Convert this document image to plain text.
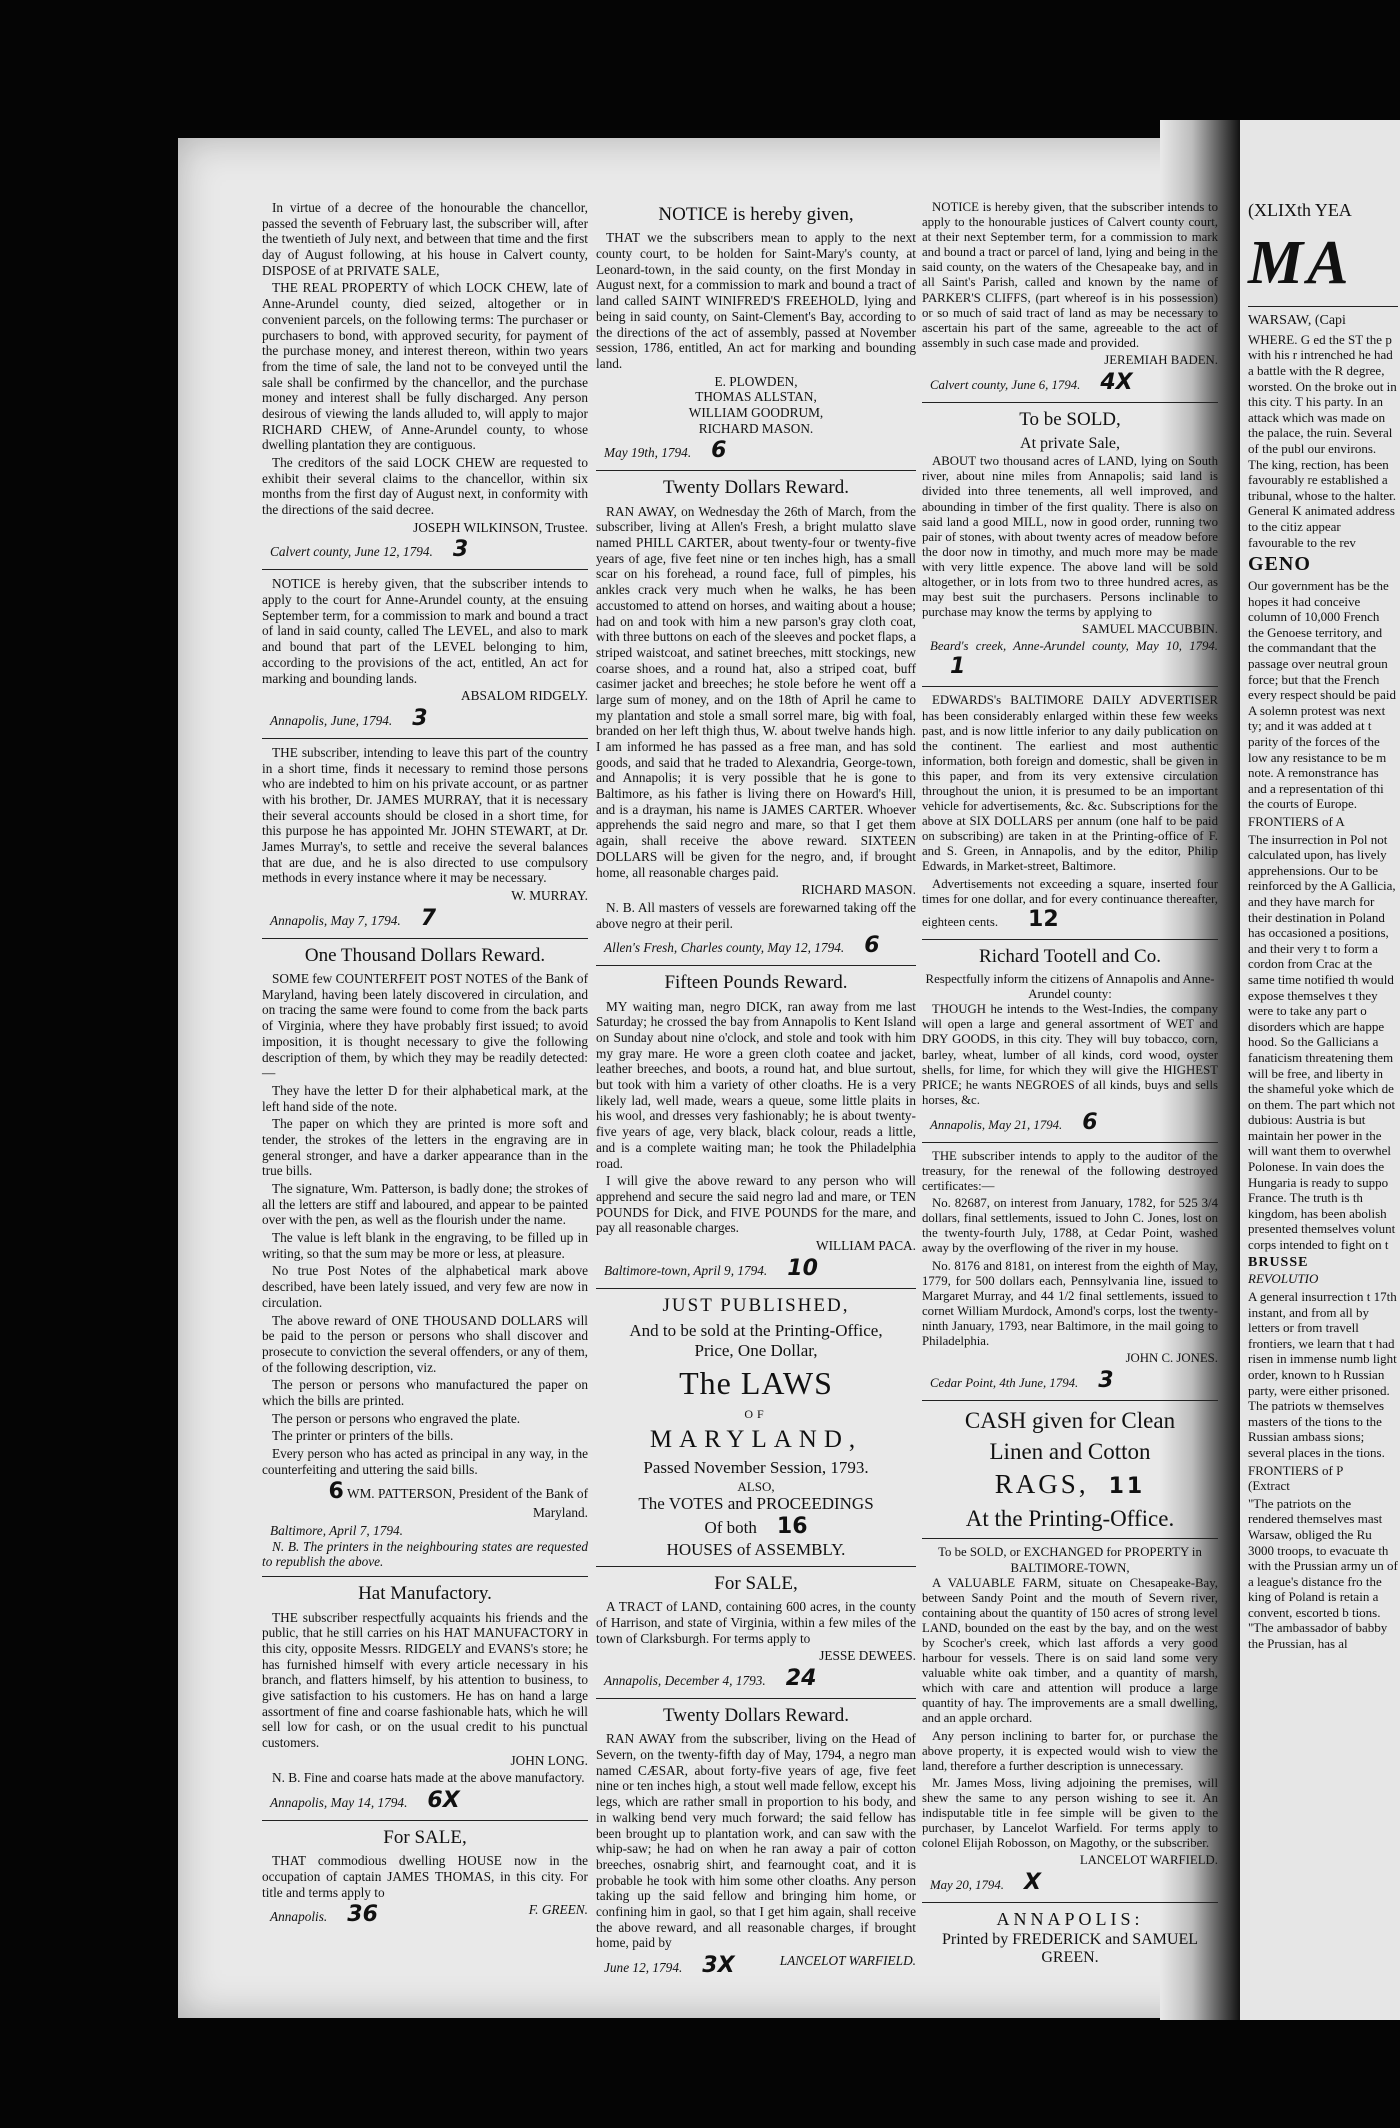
In virtue of a decree of the honourable the chancellor, passed the seventh of February last, the subscriber will, after the twentieth of July next, and between that time and the first day of August following, at his house in Calvert county, DISPOSE of at PRIVATE SALE,

THE REAL PROPERTY of which LOCK CHEW, late of Anne-Arundel county, died seized, altogether or in convenient parcels, on the following terms: The purchaser or purchasers to bond, with approved security, for payment of the purchase money, and interest thereon, within two years from the time of sale, the land not to be conveyed until the sale shall be confirmed by the chancellor, and the purchase money and interest shall be fully discharged. Any person desirous of viewing the lands alluded to, will apply to major RICHARD CHEW, of Anne-Arundel county, to whose dwelling plantation they are contiguous.

The creditors of the said LOCK CHEW are requested to exhibit their several claims to the chancellor, within six months from the first day of August next, in conformity with the directions of the said decree.

JOSEPH WILKINSON, Trustee.
Calvert county, June 12, 1794. 3

NOTICE is hereby given, that the subscriber intends to apply to the court for Anne-Arundel county, at the ensuing September term, for a commission to mark and bound a tract of land in said county, called The LEVEL, and also to mark and bound that part of the LEVEL belonging to him, according to the provisions of the act, entitled, An act for marking and bounding lands.

ABSALOM RIDGELY.
Annapolis, June, 1794. 3

THE subscriber, intending to leave this part of the country in a short time, finds it necessary to remind those persons who are indebted to him on his private account, or as partner with his brother, Dr. JAMES MURRAY, that it is necessary their several accounts should be closed in a short time, for this purpose he has appointed Mr. JOHN STEWART, at Dr. James Murray's, to settle and receive the several balances that are due, and he is also directed to use compulsory methods in every instance where it may be necessary.

W. MURRAY.
Annapolis, May 7, 1794. 7
One Thousand Dollars Reward.

SOME few COUNTERFEIT POST NOTES of the Bank of Maryland, having been lately discovered in circulation, and on tracing the same were found to come from the back parts of Virginia, where they have probably first issued; to avoid imposition, it is thought necessary to give the following description of them, by which they may be readily detected:—

They have the letter D for their alphabetical mark, at the left hand side of the note.

The paper on which they are printed is more soft and tender, the strokes of the letters in the engraving are in general stronger, and have a darker appearance than in the true bills.

The signature, Wm. Patterson, is badly done; the strokes of all the letters are stiff and laboured, and appear to be painted over with the pen, as well as the flourish under the name.

The value is left blank in the engraving, to be filled up in writing, so that the sum may be more or less, at pleasure.

No true Post Notes of the alphabetical mark above described, have been lately issued, and very few are now in circulation.

The above reward of ONE THOUSAND DOLLARS will be paid to the person or persons who shall discover and prosecute to conviction the several offenders, or any of them, of the following description, viz.

The person or persons who manufactured the paper on which the bills are printed.

The person or persons who engraved the plate.

The printer or printers of the bills.

Every person who has acted as principal in any way, in the counterfeiting and uttering the said bills.

6 WM. PATTERSON, President of the Bank of Maryland.
Baltimore, April 7, 1794.

N. B. The printers in the neighbouring states are requested to republish the above.

Hat Manufactory.

THE subscriber respectfully acquaints his friends and the public, that he still carries on his HAT MANUFACTORY in this city, opposite Messrs. RIDGELY and EVANS's store; he has furnished himself with every article necessary in his branch, and flatters himself, by his attention to business, to give satisfaction to his customers. He has on hand a large assortment of fine and coarse fashionable hats, which he will sell low for cash, or on the usual credit to his punctual customers.

JOHN LONG.

N. B. Fine and coarse hats made at the above manufactory.

Annapolis, May 14, 1794. 6X
For SALE,

THAT commodious dwelling HOUSE now in the occupation of captain JAMES THOMAS, in this city. For title and terms apply to

Annapolis. 36	F. GREEN.
NOTICE is hereby given,

THAT we the subscribers mean to apply to the next county court, to be holden for Saint-Mary's county, at Leonard-town, in the said county, on the first Monday in August next, for a commission to mark and bound a tract of land called SAINT WINIFRED'S FREEHOLD, lying and being in said county, on Saint-Clement's Bay, according to the directions of the act of assembly, passed at November session, 1786, entitled, An act for marking and bounding land.

E. PLOWDEN,
THOMAS ALLSTAN,
WILLIAM GOODRUM,
RICHARD MASON.
May 19th, 1794. 6
Twenty Dollars Reward.

RAN AWAY, on Wednesday the 26th of March, from the subscriber, living at Allen's Fresh, a bright mulatto slave named PHILL CARTER, about twenty-four or twenty-five years of age, five feet nine or ten inches high, has a small scar on his forehead, a round face, full of pimples, his ankles crack very much when he walks, he has been accustomed to attend on horses, and waiting about a house; had on and took with him a new parson's gray cloth coat, with three buttons on each of the sleeves and pocket flaps, a striped waistcoat, and satinet breeches, mitt stockings, new coarse shoes, and a round hat, also a striped coat, buff casimer jacket and breeches; he stole before he went off a large sum of money, and on the 18th of April he came to my plantation and stole a small sorrel mare, big with foal, branded on her left thigh thus, W. about twelve hands high. I am informed he has passed as a free man, and has sold goods, and said that he traded to Alexandria, George-town, and Annapolis; it is very possible that he is gone to Baltimore, as his father is living there on Howard's Hill, and is a drayman, his name is JAMES CARTER. Whoever apprehends the said negro and mare, so that I get them again, shall receive the above reward. SIXTEEN DOLLARS will be given for the negro, and, if brought home, all reasonable charges paid.

RICHARD MASON.

N. B. All masters of vessels are forewarned taking off the above negro at their peril.

Allen's Fresh, Charles county, May 12, 1794. 6
Fifteen Pounds Reward.

MY waiting man, negro DICK, ran away from me last Saturday; he crossed the bay from Annapolis to Kent Island on Sunday about nine o'clock, and stole and took with him my gray mare. He wore a green cloth coatee and jacket, leather breeches, and boots, a round hat, and blue surtout, but took with him a variety of other cloaths. He is a very likely lad, well made, wears a queue, some little plaits in his wool, and dresses very fashionably; he is about twenty-five years of age, very black, black colour, reads a little, and is a complete waiting man; he took the Philadelphia road.

I will give the above reward to any person who will apprehend and secure the said negro lad and mare, or TEN POUNDS for Dick, and FIVE POUNDS for the mare, and pay all reasonable charges.

WILLIAM PACA.
Baltimore-town, April 9, 1794. 10
JUST PUBLISHED,
And to be sold at the Printing-Office,
Price, One Dollar,
The LAWS
OF
MARYLAND,
Passed November Session, 1793.
ALSO,
The VOTES and PROCEEDINGS
Of both 16
HOUSES of ASSEMBLY.
For SALE,

A TRACT of LAND, containing 600 acres, in the county of Harrison, and state of Virginia, within a few miles of the town of Clarksburgh. For terms apply to

JESSE DEWEES.
Annapolis, December 4, 1793. 24
Twenty Dollars Reward.

RAN AWAY from the subscriber, living on the Head of Severn, on the twenty-fifth day of May, 1794, a negro man named CÆSAR, about forty-five years of age, five feet nine or ten inches high, a stout well made fellow, except his legs, which are rather small in proportion to his body, and in walking bend very much forward; the said fellow has been brought up to plantation work, and can saw with the whip-saw; he had on when he ran away a pair of cotton breeches, osnabrig shirt, and fearnought coat, and it is probable he took with him some other cloaths. Any person taking up the said fellow and bringing him home, or confining him in gaol, so that I get him again, shall receive the above reward, and all reasonable charges, if brought home, paid by

June 12, 1794. 3X	LANCELOT WARFIELD.

NOTICE is hereby given, that the subscriber intends to apply to the honourable justices of Calvert county court, at their next September term, for a commission to mark and bound a tract or parcel of land, lying and being in the said county, on the waters of the Chesapeake bay, and in all Saint's Parish, called and known by the name of PARKER'S CLIFFS, (part whereof is in his possession) or so much of said tract of land as may be necessary to ascertain his part of the same, agreeable to the act of assembly in such case made and provided.

JEREMIAH BADEN.
Calvert county, June 6, 1794. 4X
To be SOLD,
At private Sale,

ABOUT two thousand acres of LAND, lying on South river, about nine miles from Annapolis; said land is divided into three tenements, all well improved, and abounding in timber of the first quality. There is also on said land a good MILL, now in good order, running two pair of stones, with about twenty acres of meadow before the door now in timothy, and much more may be made with very little expence. The above land will be sold altogether, or in lots from two to three hundred acres, as may best suit the purchasers. Persons inclinable to purchase may know the terms by applying to

SAMUEL MACCUBBIN.
Beard's creek, Anne-Arundel county, May 10, 1794.1

EDWARDS's BALTIMORE DAILY ADVERTISER has been considerably enlarged within these few weeks past, and is now little inferior to any daily publication on the continent. The earliest and most authentic information, both foreign and domestic, shall be given in this paper, and from its very extensive circulation throughout the union, it is presumed to be an important vehicle for advertisements, &c. &c. Subscriptions for the above at SIX DOLLARS per annum (one half to be paid on subscribing) are taken in at the Printing-office of F. and S. Green, in Annapolis, and by the editor, Philip Edwards, in Market-street, Baltimore.

Advertisements not exceeding a square, inserted four times for one dollar, and for every continuance thereafter, eighteen cents. 12

Richard Tootell and Co.
Respectfully inform the citizens of Annapolis and Anne-Arundel county:

THOUGH he intends to the West-Indies, the company will open a large and general assortment of WET and DRY GOODS, in this city. They will buy tobacco, corn, barley, wheat, lumber of all kinds, cord wood, oyster shells, for lime, for which they will give the HIGHEST PRICE; he wants NEGROES of all kinds, buys and sells horses, &c.

Annapolis, May 21, 1794. 6

THE subscriber intends to apply to the auditor of the treasury, for the renewal of the following destroyed certificates:—

No. 82687, on interest from January, 1782, for 525 3/4 dollars, final settlements, issued to John C. Jones, lost on the twenty-fourth July, 1788, at Cedar Point, washed away by the overflowing of the river in my house.

No. 8176 and 8181, on interest from the eighth of May, 1779, for 500 dollars each, Pennsylvania line, issued to Margaret Murray, and 44 1/2 final settlements, issued to cornet William Murdock, Amond's corps, lost the twenty-ninth January, 1793, near Baltimore, in the mail going to Philadelphia.

JOHN C. JONES.
Cedar Point, 4th June, 1794. 3
CASH given for Clean
Linen and Cotton
RAGS, 11
At the Printing-Office.
To be SOLD, or EXCHANGED for PROPERTY in BALTIMORE-TOWN,

A VALUABLE FARM, situate on Chesapeake-Bay, between Sandy Point and the mouth of Severn river, containing about the quantity of 150 acres of strong level LAND, bounded on the east by the bay, and on the west by Scocher's creek, which last affords a very good harbour for vessels. There is on said land some very valuable white oak timber, and a quantity of marsh, which with care and attention will produce a large quantity of hay. The improvements are a small dwelling, and an apple orchard.

Any person inclining to barter for, or purchase the above property, it is expected would wish to view the land, therefore a further description is unnecessary.

Mr. James Moss, living adjoining the premises, will shew the same to any person wishing to see it. An indisputable title in fee simple will be given to the purchaser, by Lancelot Warfield. For terms apply to colonel Elijah Robosson, on Magothy, or the subscriber.

LANCELOT WARFIELD.
May 20, 1794. X
ANNAPOLIS:
Printed by FREDERICK and SAMUEL GREEN.
(XLIXth YEA
MA
WARSAW, (Capi

WHERE. G ed the ST the p with his r intrenched he had a battle with the R degree, worsted. On the broke out in this city. T his party. In an attack which was made on the palace, the ruin. Several of the publ our environs. The king, rection, has been favourably re established a tribunal, whose to the halter. General K animated address to the citiz appear favourable to the rev

GENO

Our government has be the hopes it had conceive column of 10,000 French the Genoese territory, and the commandant that the passage over neutral groun force; but that the French every respect should be paid A solemn protest was next ty; and it was added at t parity of the forces of the low any resistance to be m note. A remonstrance has and a representation of thi the courts of Europe.

FRONTIERS of A

The insurrection in Pol not calculated upon, has lively apprehensions. Our to be reinforced by the A Gallicia, and they have march for their destination in Poland has occasioned a positions, and their very t to form a cordon from Crac at the same time notified th would expose themselves t they were to take any part o disorders which are happe hood. So the Gallicians a fanaticism threatening them will be free, and liberty in the shameful yoke which de on them. The part which not dubious: Austria is but maintain her power in the will want them to overwhel Polonese. In vain does the Hungaria is ready to suppo France. The truth is th kingdom, has been abolish presented themselves volunt corps intended to fight on t

BRUSSE
REVOLUTIO

A general insurrection t 17th instant, and from all by letters or from travell frontiers, we learn that t had risen in immense numb light order, known to h Russian party, were either prisoned. The patriots w themselves masters of the tions to the Russian ambass sions; several places in the tions.

FRONTIERS of P
(Extract

"The patriots on the rendered themselves mast Warsaw, obliged the Ru 3000 troops, to evacuate th with the Prussian army un of a league's distance fro the king of Poland is retain a convent, escorted b tions. "The ambassador of babby the Prussian, has al
